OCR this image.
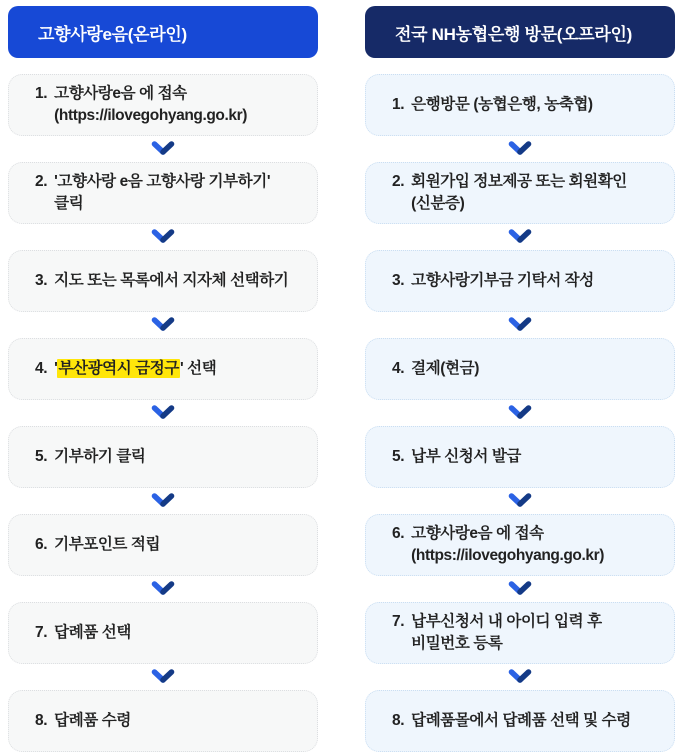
고향사랑e음(온라인)
1. 고향사랑e음 에 접속
(https://ilovegohyang.go.kr)
2. '고향사랑 e음 고향사랑 기부하기'
클릭
3. 지도 또는 목록에서 지자체 선택하기
4. '부산광역시 금정구' 선택
5. 기부하기 클릭
6. 기부포인트 적립
7. 답례품 선택
8. 답례품 수령
전국 NH농협은행 방문(오프라인)
1. 은행방문 (농협은행, 농축협)
2. 회원가입 정보제공 또는 회원확인
(신분증)
3. 고향사랑기부금 기탁서 작성
4. 결제(현금)
5. 납부 신청서 발급
6. 고향사랑e음 에 접속
(https://ilovegohyang.go.kr)
7. 납부신청서 내 아이디 입력 후
비밀번호 등록
8. 답례품몰에서 답례품 선택 및 수령
